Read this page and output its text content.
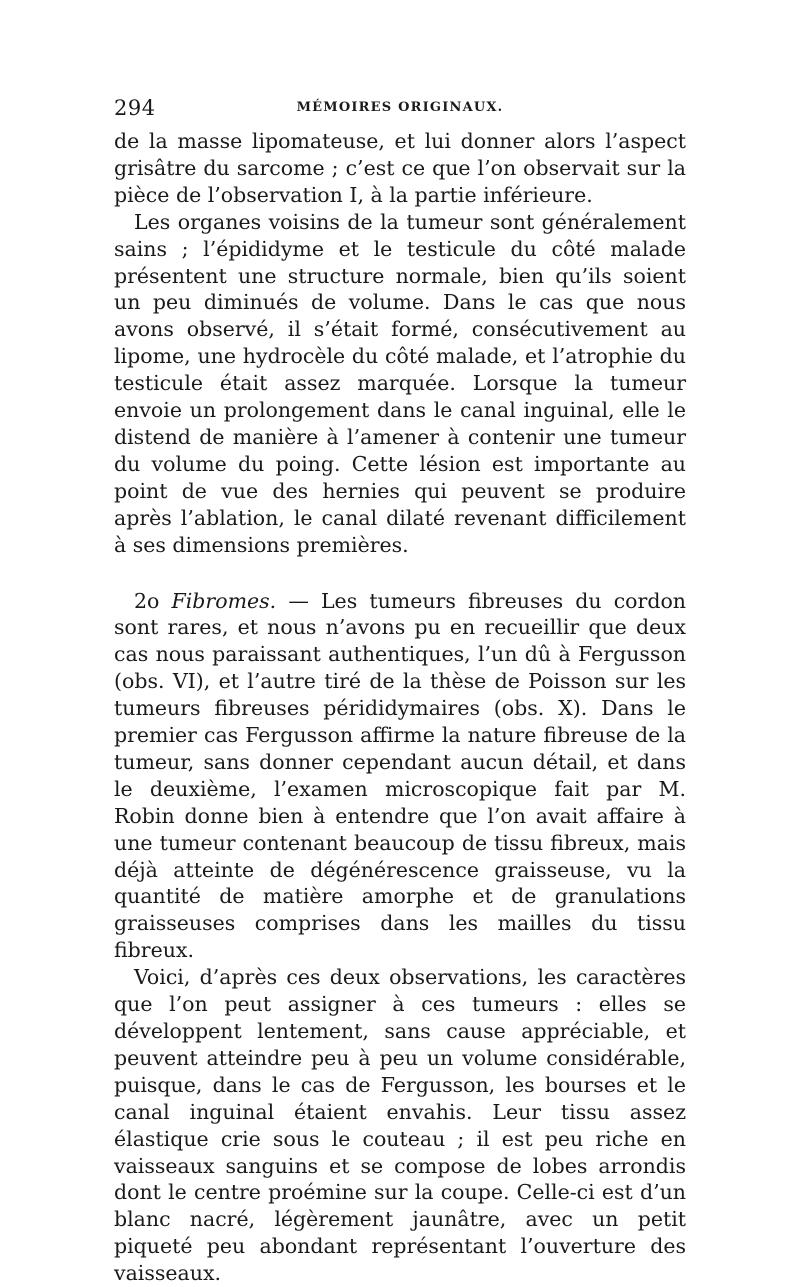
294	MÉMOIRES ORIGINAUX.

de la masse lipomateuse, et lui donner alors l’aspect grisâtre du sarcome ; c’est ce que l’on observait sur la pièce de l’observation I, à la partie inférieure.

Les organes voisins de la tumeur sont généralement sains ; l’épididyme et le testicule du côté malade présentent une structure normale, bien qu’ils soient un peu diminués de volume. Dans le cas que nous avons observé, il s’était formé, consécutivement au lipome, une hydrocèle du côté malade, et l’atrophie du testicule était assez marquée. Lorsque la tumeur envoie un prolongement dans le canal inguinal, elle le distend de manière à l’amener à contenir une tumeur du volume du poing. Cette lésion est importante au point de vue des hernies qui peuvent se produire après l’ablation, le canal dilaté revenant difficilement à ses dimensions premières.

2o Fibromes. — Les tumeurs fibreuses du cordon sont rares, et nous n’avons pu en recueillir que deux cas nous paraissant authentiques, l’un dû à Fergusson (obs. VI), et l’autre tiré de la thèse de Poisson sur les tumeurs fibreuses pérididymaires (obs. X). Dans le premier cas Fergusson affirme la nature fibreuse de la tumeur, sans donner cependant aucun détail, et dans le deuxième, l’examen microscopique fait par M. Robin donne bien à entendre que l’on avait affaire à une tumeur contenant beaucoup de tissu fibreux, mais déjà atteinte de dégénérescence graisseuse, vu la quantité de matière amorphe et de granulations graisseuses comprises dans les mailles du tissu fibreux.

Voici, d’après ces deux observations, les caractères que l’on peut assigner à ces tumeurs : elles se développent lentement, sans cause appréciable, et peuvent atteindre peu à peu un volume considérable, puisque, dans le cas de Fergusson, les bourses et le canal inguinal étaient envahis. Leur tissu assez élastique crie sous le couteau ; il est peu riche en vaisseaux sanguins et se compose de lobes arrondis dont le centre proémine sur la coupe. Celle-ci est d’un blanc nacré, légèrement jaunâtre, avec un petit piqueté peu abondant représentant l’ouverture des vaisseaux.
